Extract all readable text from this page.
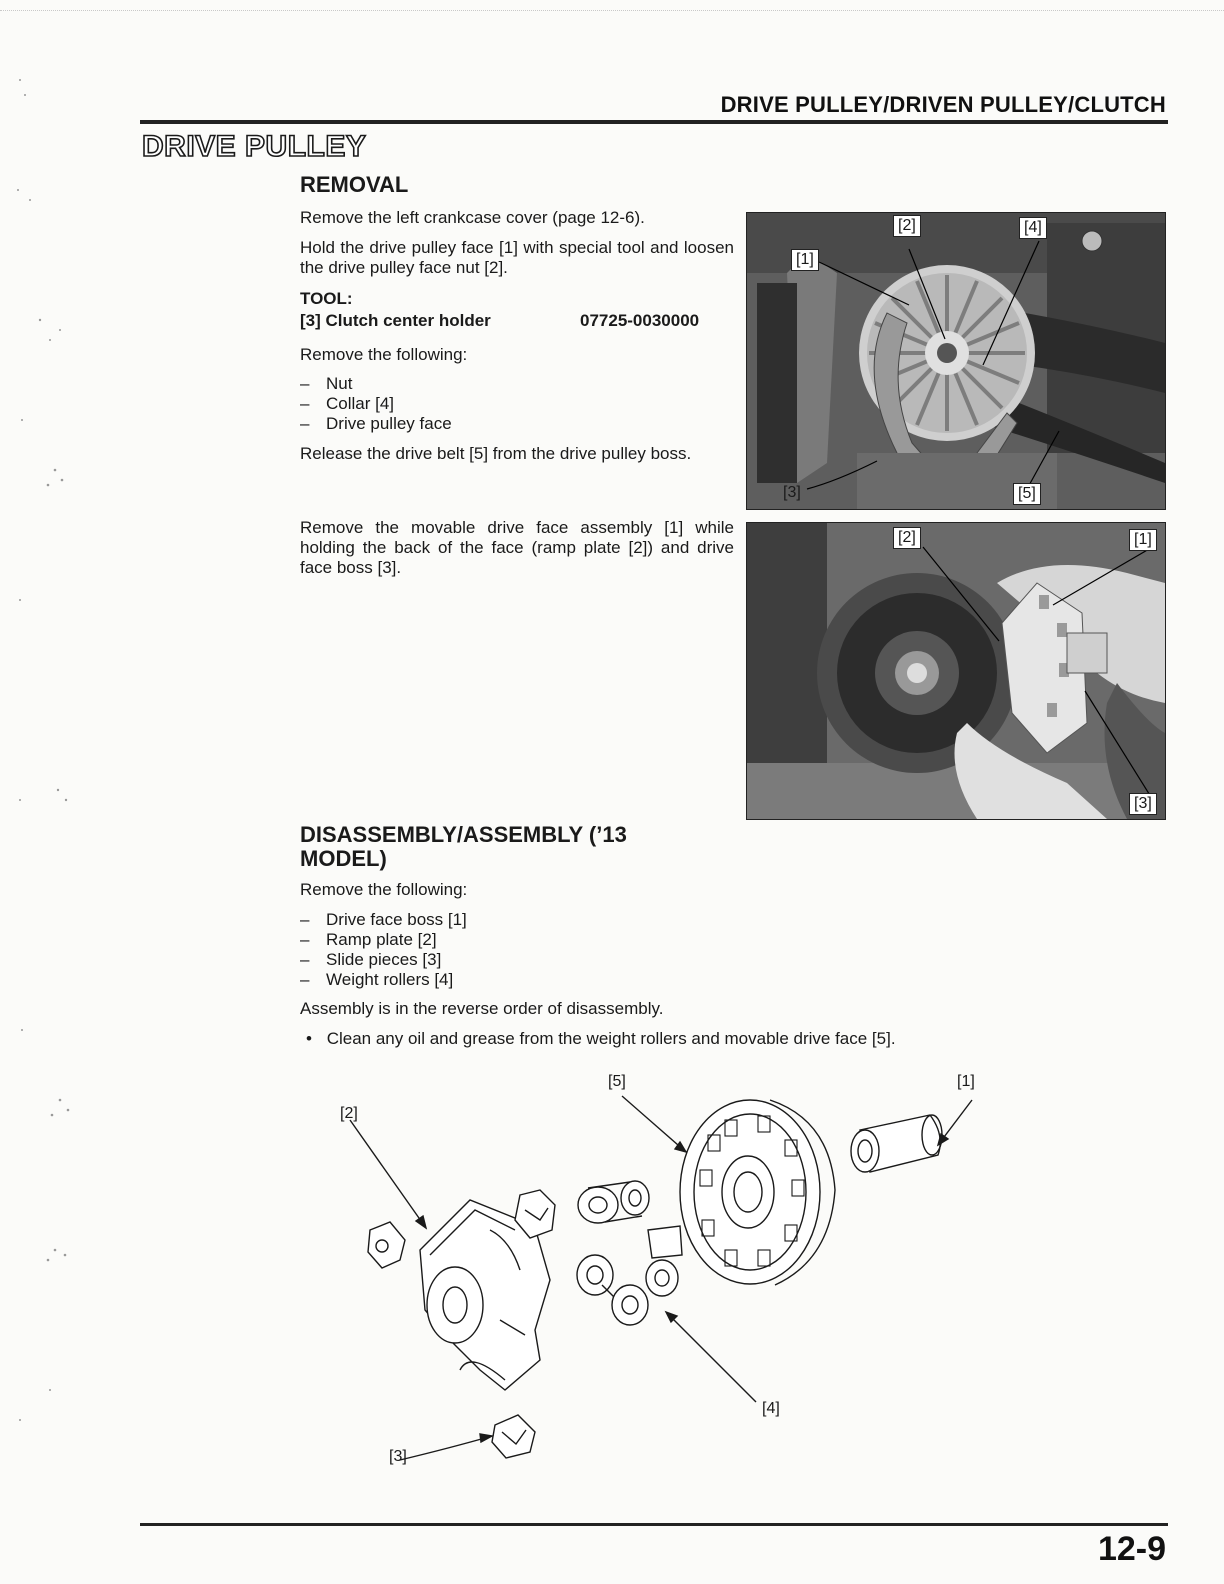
DRIVE PULLEY/DRIVEN PULLEY/CLUTCH
DRIVE PULLEY
REMOVAL
Remove the left crankcase cover (page 12-6).
Hold the drive pulley face [1] with special tool and loosen the drive pulley face nut [2].
TOOL:
[3] Clutch center holder	07725-0030000
Remove the following:
– Nut
– Collar [4]
– Drive pulley face
Release the drive belt [5] from the drive pulley boss.
Remove the movable drive face assembly [1] while holding the back of the face (ramp plate [2]) and drive face boss [3].
[2]	[4]
[1]
[3]	[5]
[2]	[1]
[3]
DISASSEMBLY/ASSEMBLY (’13
MODEL)
Remove the following:
– Drive face boss [1]
– Ramp plate [2]
– Slide pieces [3]
– Weight rollers [4]
Assembly is in the reverse order of disassembly.
• Clean any oil and grease from the weight rollers and movable drive face [5].
[2]
[5]	[1]
[4]
[3]
12-9
